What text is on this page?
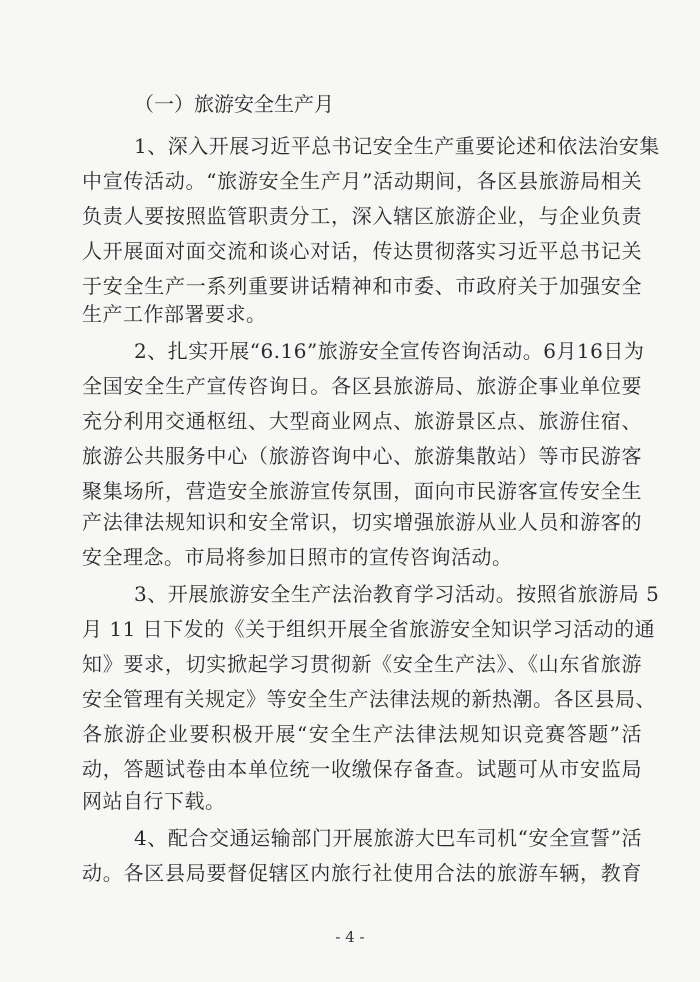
（一）旅游安全生产月
1、深入开展习近平总书记安全生产重要论述和依法治安集
中宣传活动。“旅游安全生产月”活动期间，各区县旅游局相关
负责人要按照监管职责分工，深入辖区旅游企业，与企业负责
人开展面对面交流和谈心对话，传达贯彻落实习近平总书记关
于安全生产一系列重要讲话精神和市委、市政府关于加强安全
生产工作部署要求。
2、扎实开展“6.16”旅游安全宣传咨询活动。6月16日为
全国安全生产宣传咨询日。各区县旅游局、旅游企事业单位要
充分利用交通枢纽、大型商业网点、旅游景区点、旅游住宿、
旅游公共服务中心（旅游咨询中心、旅游集散站）等市民游客
聚集场所，营造安全旅游宣传氛围，面向市民游客宣传安全生
产法律法规知识和安全常识，切实增强旅游从业人员和游客的
安全理念。市局将参加日照市的宣传咨询活动。
3、开展旅游安全生产法治教育学习活动。按照省旅游局 5
月 11 日下发的《关于组织开展全省旅游安全知识学习活动的通
知》要求，切实掀起学习贯彻新《安全生产法》、《山东省旅游
安全管理有关规定》等安全生产法律法规的新热潮。各区县局、
各旅游企业要积极开展“安全生产法律法规知识竞赛答题”活
动，答题试卷由本单位统一收缴保存备查。试题可从市安监局
网站自行下载。
4、配合交通运输部门开展旅游大巴车司机“安全宣誓”活
动。各区县局要督促辖区内旅行社使用合法的旅游车辆，教育
- 4 -
